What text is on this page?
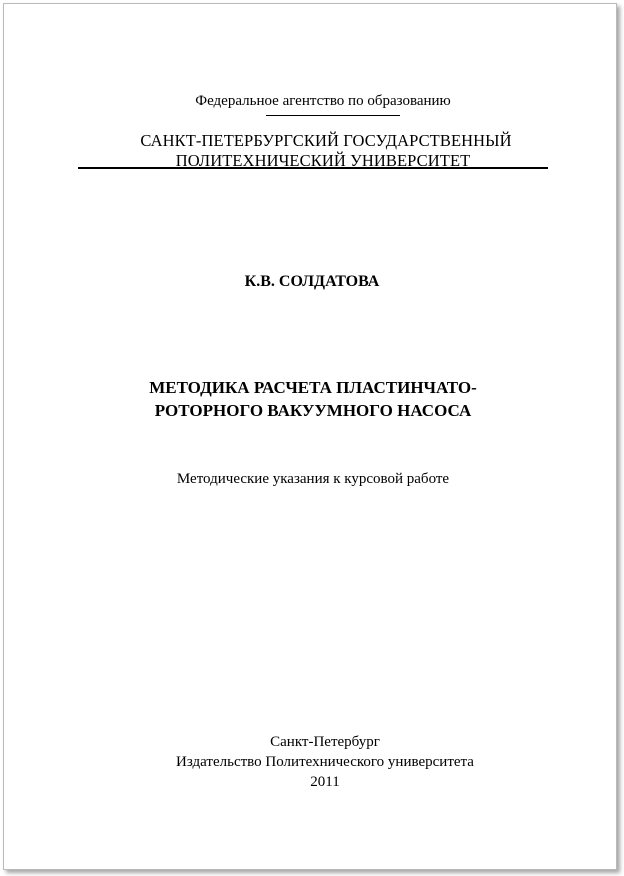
Федеральное агентство по образованию
САНКТ-ПЕТЕРБУРГСКИЙ ГОСУДАРСТВЕННЫЙ
ПОЛИТЕХНИЧЕСКИЙ УНИВЕРСИТЕТ
К.В. СОЛДАТОВА
МЕТОДИКА РАСЧЕТА ПЛАСТИНЧАТО-
РОТОРНОГО ВАКУУМНОГО НАСОСА
Методические указания к курсовой работе
Санкт-Петербург
Издательство Политехнического университета
2011
